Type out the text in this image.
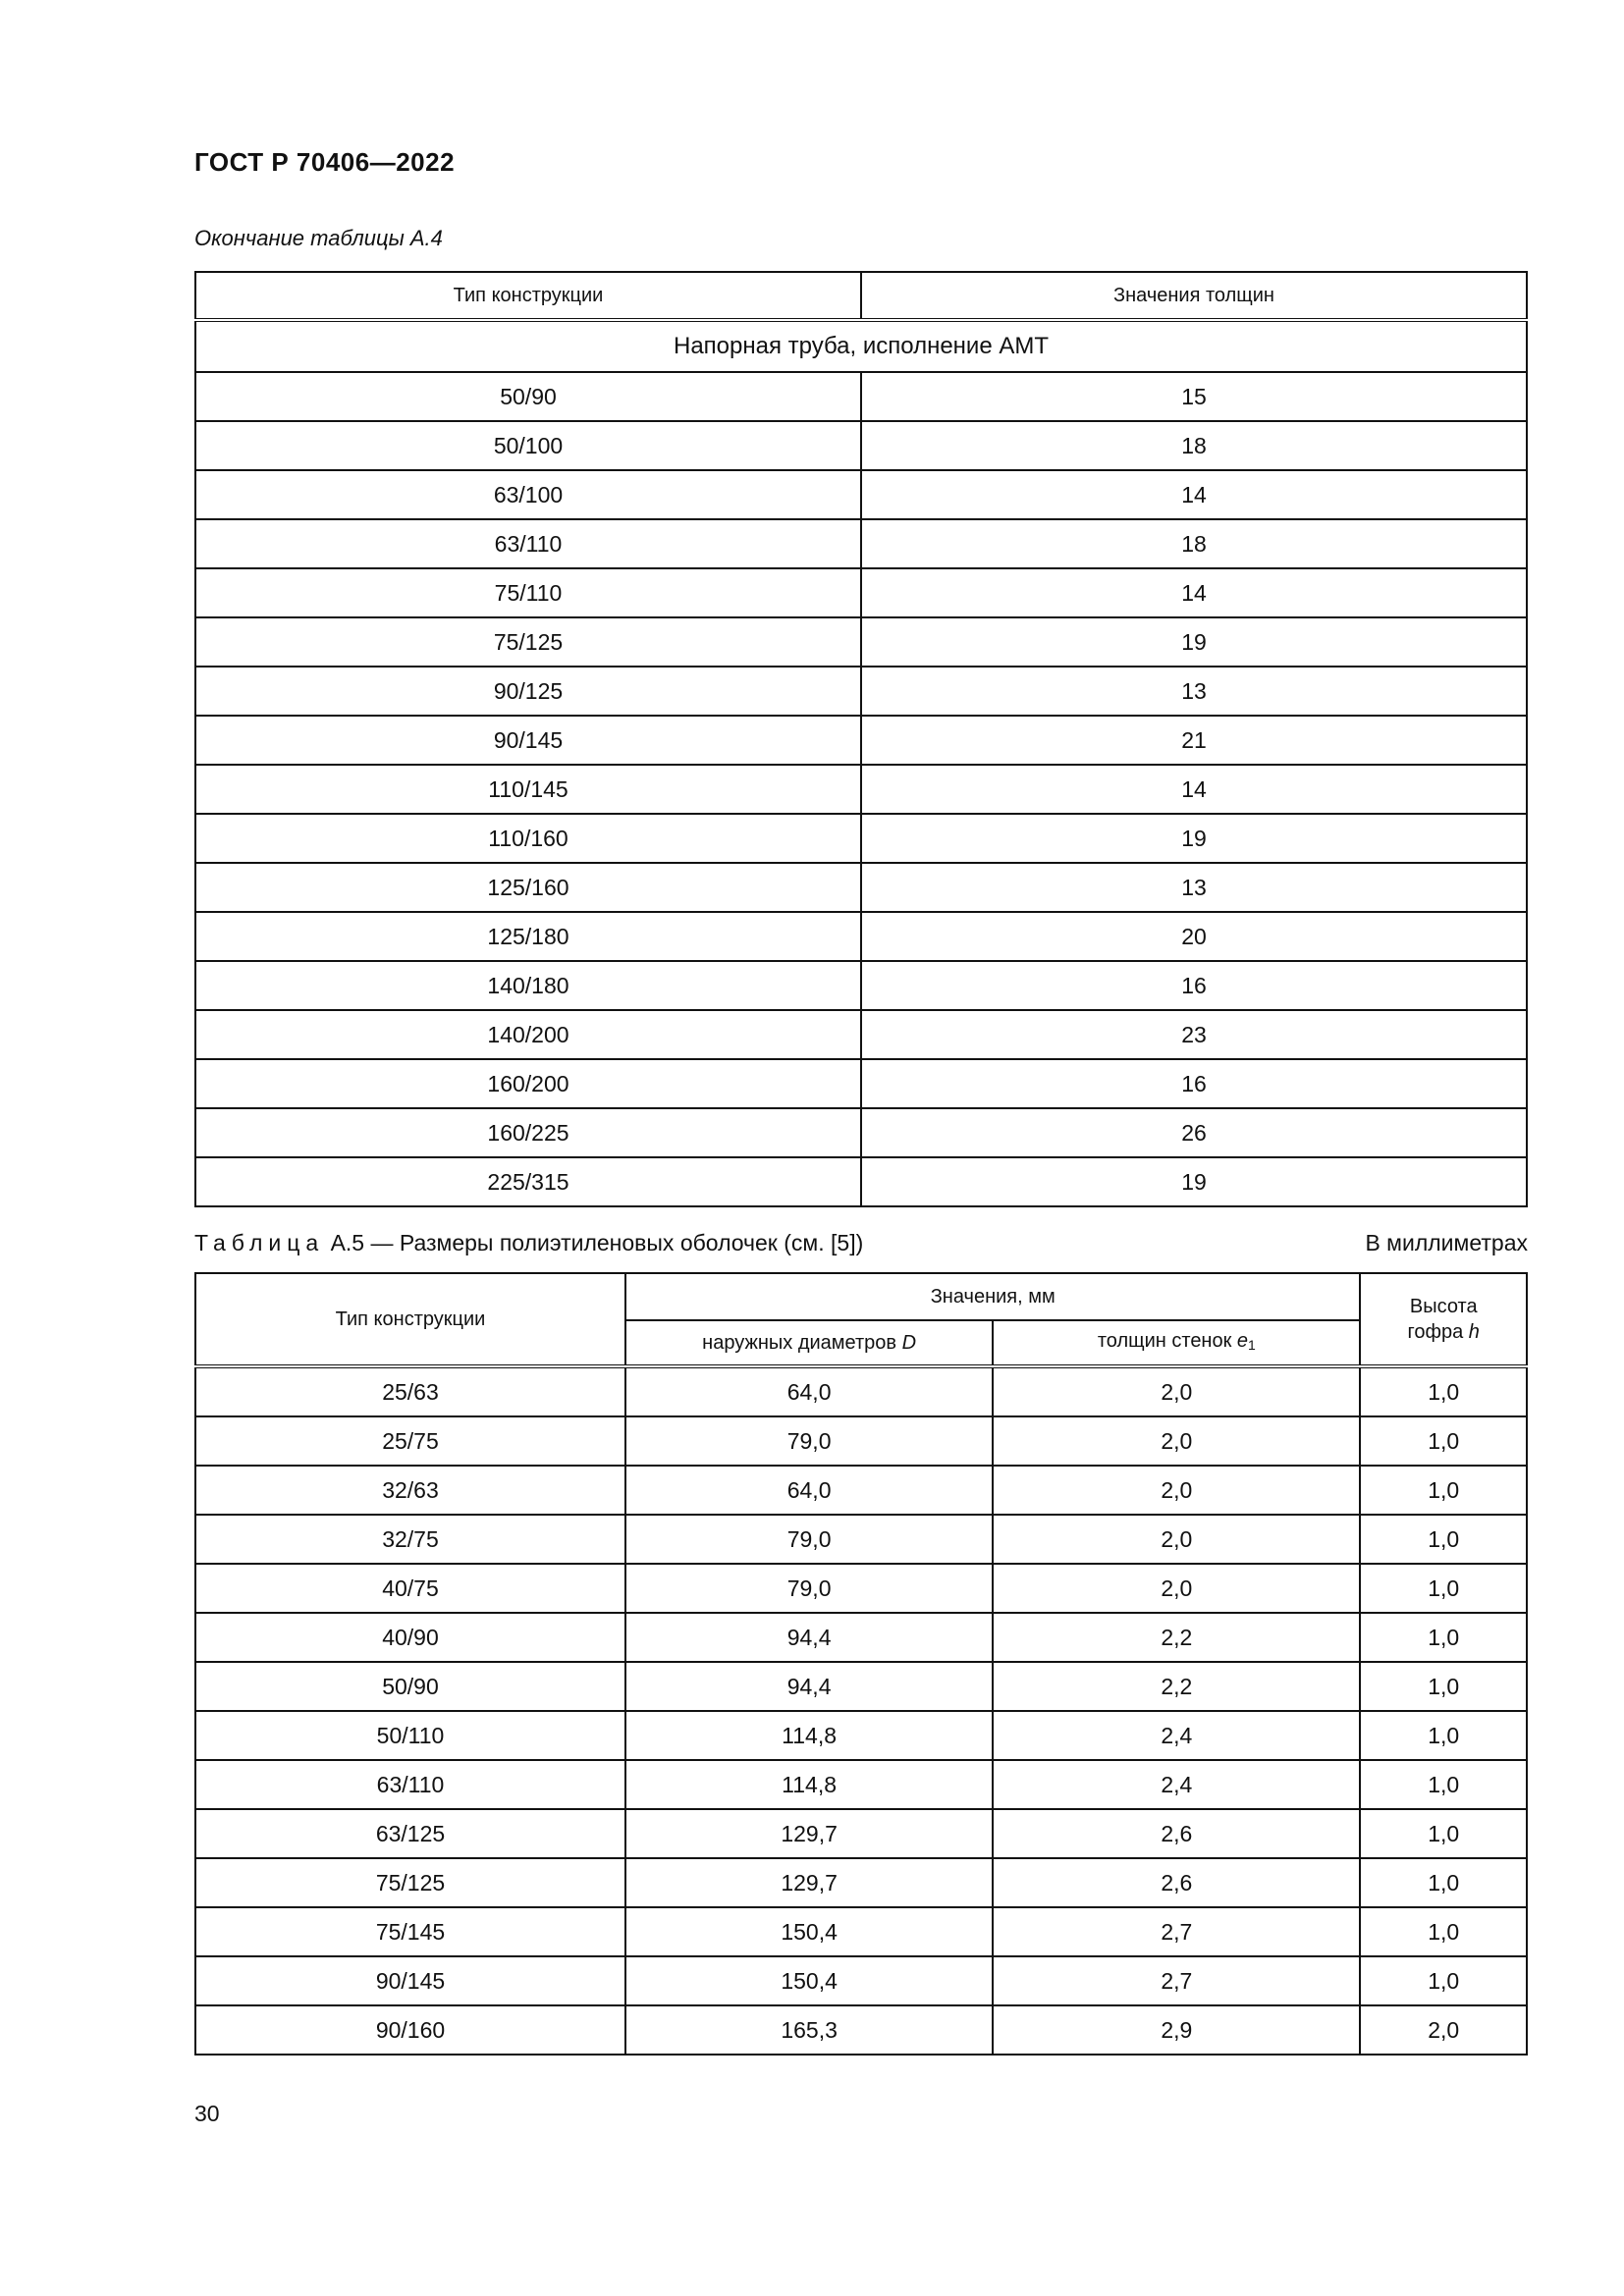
ГОСТ Р 70406—2022
Окончание таблицы А.4
Тип конструкции	Значения толщин
Напорная труба, исполнение АМТ	
50/90	15
50/100	18
63/100	14
63/110	18
75/110	14
75/125	19
90/125	13
90/145	21
110/145	14
110/160	19
125/160	13
125/180	20
140/180	16
140/200	23
160/200	16
160/225	26
225/315	19
Таблица А.5 — Размеры полиэтиленовых оболочек (см. [5])	В миллиметрах
Тип конструкции	Значения, мм		Высота
гофра h
	наружных диаметров D	толщин стенок $e_1$
25/63	64,0	2,0	1,0
25/75	79,0	2,0	1,0
32/63	64,0	2,0	1,0
32/75	79,0	2,0	1,0
40/75	79,0	2,0	1,0
40/90	94,4	2,2	1,0
50/90	94,4	2,2	1,0
50/110	114,8	2,4	1,0
63/110	114,8	2,4	1,0
63/125	129,7	2,6	1,0
75/125	129,7	2,6	1,0
75/145	150,4	2,7	1,0
90/145	150,4	2,7	1,0
90/160	165,3	2,9	2,0
30
